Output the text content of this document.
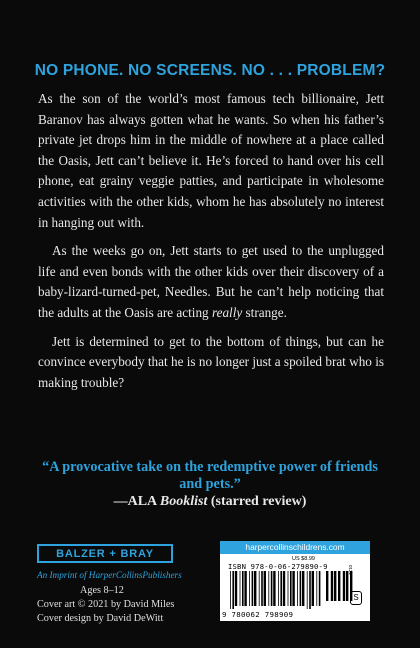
NO PHONE. NO SCREENS. NO . . . PROBLEM?

As the son of the world’s most famous tech billionaire, Jett Baranov has always gotten what he wants. So when his father’s private jet drops him in the middle of nowhere at a place called the Oasis, Jett can’t believe it. He’s forced to hand over his cell phone, eat grainy veggie patties, and participate in wholesome activities with the other kids, whom he has absolutely no interest in hanging out with.

As the weeks go on, Jett starts to get used to the unplugged life and even bonds with the other kids over their discovery of a baby-lizard-turned-pet, Needles. But he can’t help noticing that the adults at the Oasis are acting really strange.

Jett is determined to get to the bottom of things, but can he convince everybody that he is no longer just a spoiled brat who is making trouble?

“A provocative take on the redemptive power of friends and pets.”
—ALA Booklist (starred review)
BALZER + BRAY
An Imprint of HarperCollinsPublishers
Ages 8–12
Cover art © 2021 by David Miles
Cover design by David DeWitt
harpercollinschildrens.com
US $8.99
ISBN 978-0-06-279890-9
9 780062 798909
0122
S
